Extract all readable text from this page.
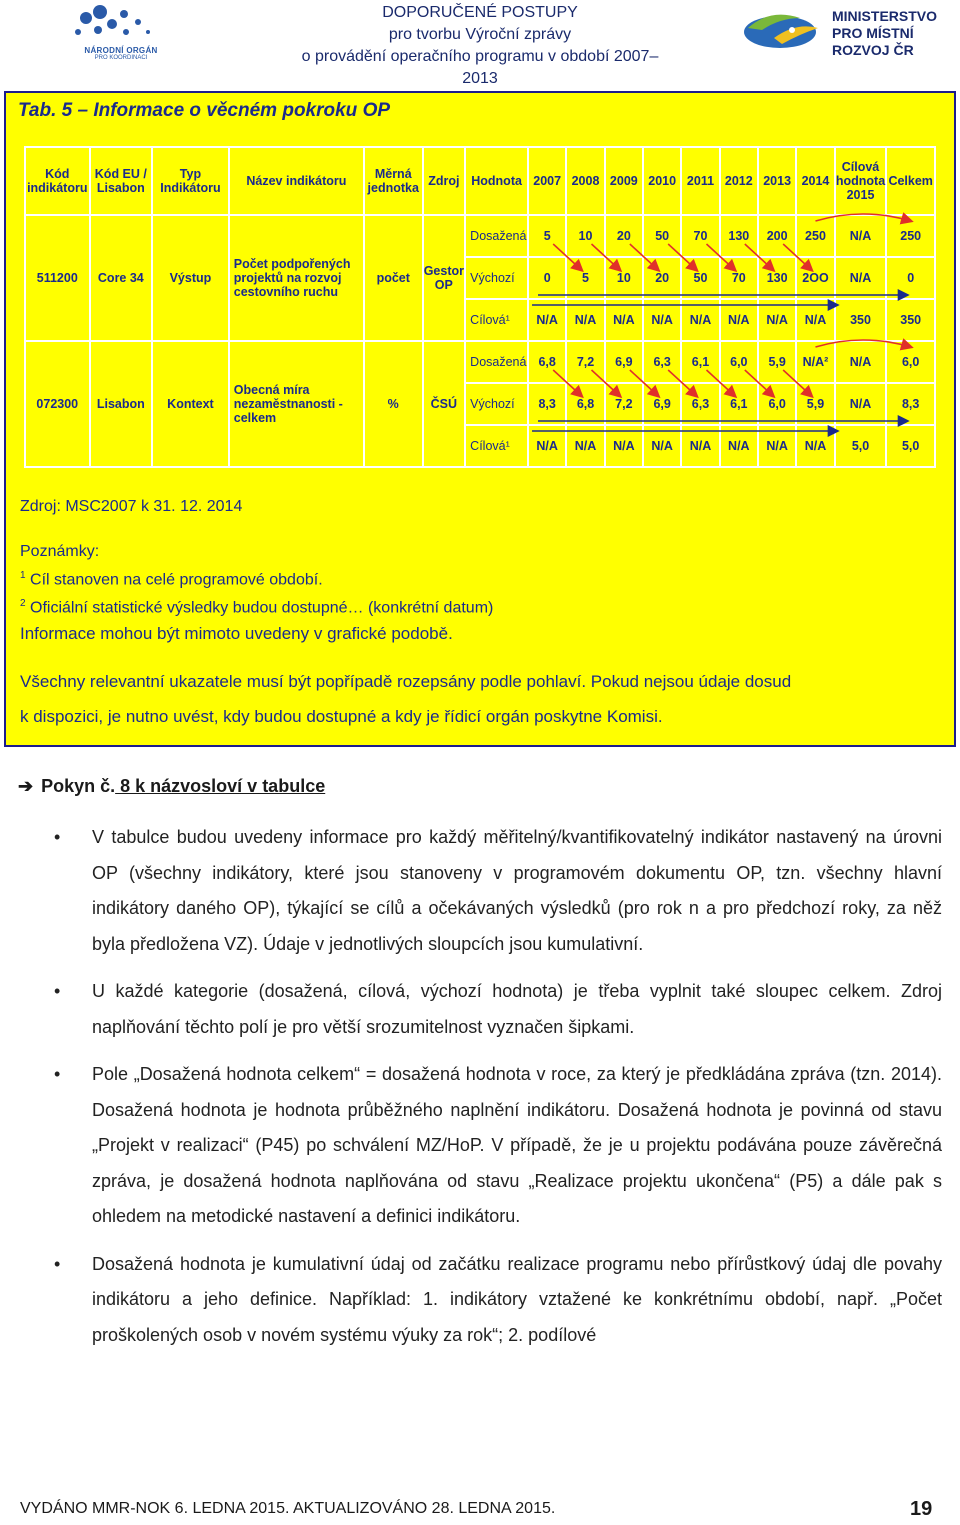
NÁRODNÍ ORGÁN
PRO KOORDINACI
DOPORUČENÉ POSTUPY
pro tvorbu Výroční zprávy
o provádění operačního programu v období 2007–2013
MINISTERSTVO
PRO MÍSTNÍ
ROZVOJ ČR
Tab. 5 – Informace o věcném pokroku OP
Kód indikátoru	Kód EU / Lisabon	Typ Indikátoru	Název indikátoru	Měrná jednotka	Zdroj	Hodnota	2007	2008	2009	2010	2011	2012	2013	2014	Cílová hodnota 2015	Celkem
511200	Core 34	Výstup	Počet podpořených projektů na rozvoj cestovního ruchu	počet	Gestor OP	Dosažená	5	10	20	50	70	130	200	250	N/A	250
						Výchozí	0	5	10	20	50	70	130	2OO	N/A	0
						Cílová¹	N/A	N/A	N/A	N/A	N/A	N/A	N/A	N/A	350	350
072300	Lisabon	Kontext	Obecná míra nezaměstnanosti - celkem	%	ČSÚ	Dosažená	6,8	7,2	6,9	6,3	6,1	6,0	5,9	N/A²	N/A	6,0
						Výchozí	8,3	6,8	7,2	6,9	6,3	6,1	6,0	5,9	N/A	8,3
						Cílová¹	N/A	N/A	N/A	N/A	N/A	N/A	N/A	N/A	5,0	5,0
Zdroj: MSC2007 k 31. 12. 2014
Poznámky:
$^1$ Cíl stanoven na celé programové období.
$^2$ Oficiální statistické výsledky budou dostupné… (konkrétní datum)
Informace mohou být mimoto uvedeny v grafické podobě.
Všechny relevantní ukazatele musí být popřípadě rozepsány podle pohlaví. Pokud nejsou údaje dosud
k dispozici, je nutno uvést, kdy budou dostupné a kdy je řídicí orgán poskytne Komisi.
➔ Pokyn č. 8 k názvosloví v tabulce
• V tabulce budou uvedeny informace pro každý měřitelný/kvantifikovatelný indikátor nastavený na úrovni OP (všechny indikátory, které jsou stanoveny v programovém dokumentu OP, tzn. všechny hlavní indikátory daného OP), týkající se cílů a očekávaných výsledků (pro rok n a pro předchozí roky, za něž byla předložena VZ). Údaje v jednotlivých sloupcích jsou kumulativní.
• U každé kategorie (dosažená, cílová, výchozí hodnota) je třeba vyplnit také sloupec celkem. Zdroj naplňování těchto polí je pro větší srozumitelnost vyznačen šipkami.
• Pole „Dosažená hodnota celkem“ = dosažená hodnota v roce, za který je předkládána zpráva (tzn. 2014). Dosažená hodnota je hodnota průběžného naplnění indikátoru. Dosažená hodnota je povinná od stavu „Projekt v realizaci“ (P45) po schválení MZ/HoP. V případě, že je u projektu podávána pouze závěrečná zpráva, je dosažená hodnota naplňována od stavu „Realizace projektu ukončena“ (P5) a dále pak s ohledem na metodické nastavení a definici indikátoru.
• Dosažená hodnota je kumulativní údaj od začátku realizace programu nebo přírůstkový údaj dle povahy indikátoru a jeho definice. Například: 1. indikátory vztažené ke konkrétnímu období, např. „Počet proškolených osob v novém systému výuky za rok“; 2. podílové
VYDÁNO MMR-NOK 6. LEDNA 2015. AKTUALIZOVÁNO 28. LEDNA 2015.	19
